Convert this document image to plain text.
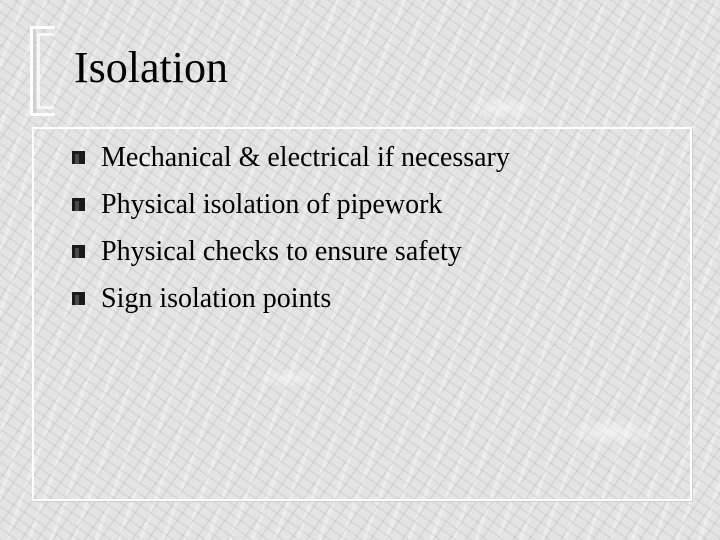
Isolation
Mechanical & electrical if necessary
Physical isolation of pipework
Physical checks to ensure safety
Sign isolation points
